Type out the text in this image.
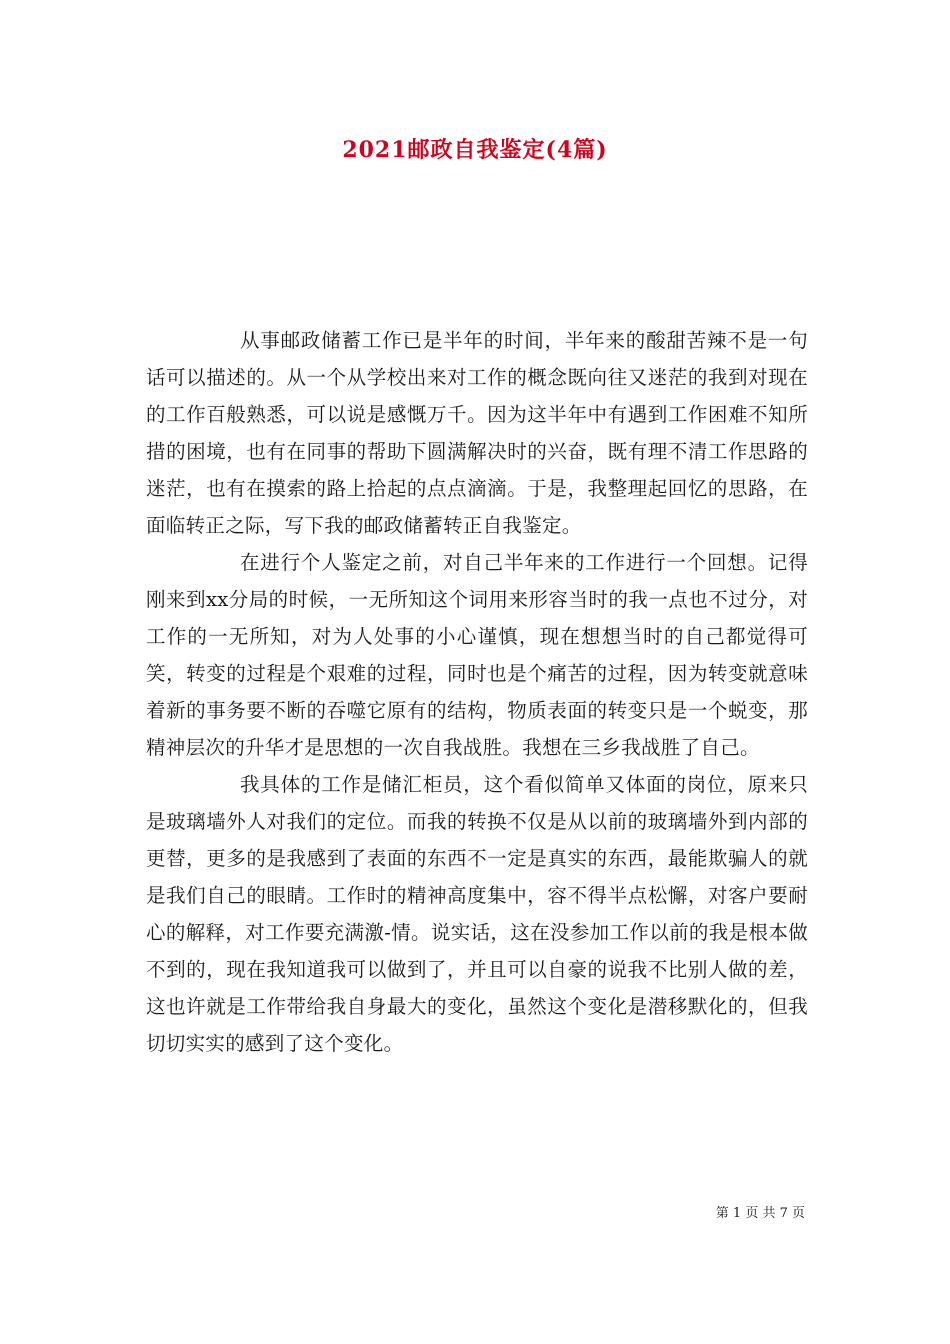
2021邮政自我鉴定(4篇)

从事邮政储蓄工作已是半年的时间，半年来的酸甜苦辣不是一句话可以描述的。从一个从学校出来对工作的概念既向往又迷茫的我到对现在的工作百般熟悉，可以说是感慨万千。因为这半年中有遇到工作困难不知所措的困境，也有在同事的帮助下圆满解决时的兴奋，既有理不清工作思路的迷茫，也有在摸索的路上拾起的点点滴滴。于是，我整理起回忆的思路，在面临转正之际，写下我的邮政储蓄转正自我鉴定。

在进行个人鉴定之前，对自己半年来的工作进行一个回想。记得刚来到xx分局的时候，一无所知这个词用来形容当时的我一点也不过分，对工作的一无所知，对为人处事的小心谨慎，现在想想当时的自己都觉得可笑，转变的过程是个艰难的过程，同时也是个痛苦的过程，因为转变就意味着新的事务要不断的吞噬它原有的结构，物质表面的转变只是一个蜕变，那精神层次的升华才是思想的一次自我战胜。我想在三乡我战胜了自己。

我具体的工作是储汇柜员，这个看似简单又体面的岗位，原来只是玻璃墙外人对我们的定位。而我的转换不仅是从以前的玻璃墙外到内部的更替，更多的是我感到了表面的东西不一定是真实的东西，最能欺骗人的就是我们自己的眼睛。工作时的精神高度集中，容不得半点松懈，对客户要耐心的解释，对工作要充满激-情。说实话，这在没参加工作以前的我是根本做不到的，现在我知道我可以做到了，并且可以自豪的说我不比别人做的差，这也许就是工作带给我自身最大的变化，虽然这个变化是潜移默化的，但我切切实实的感到了这个变化。

第 1 页 共 7 页
